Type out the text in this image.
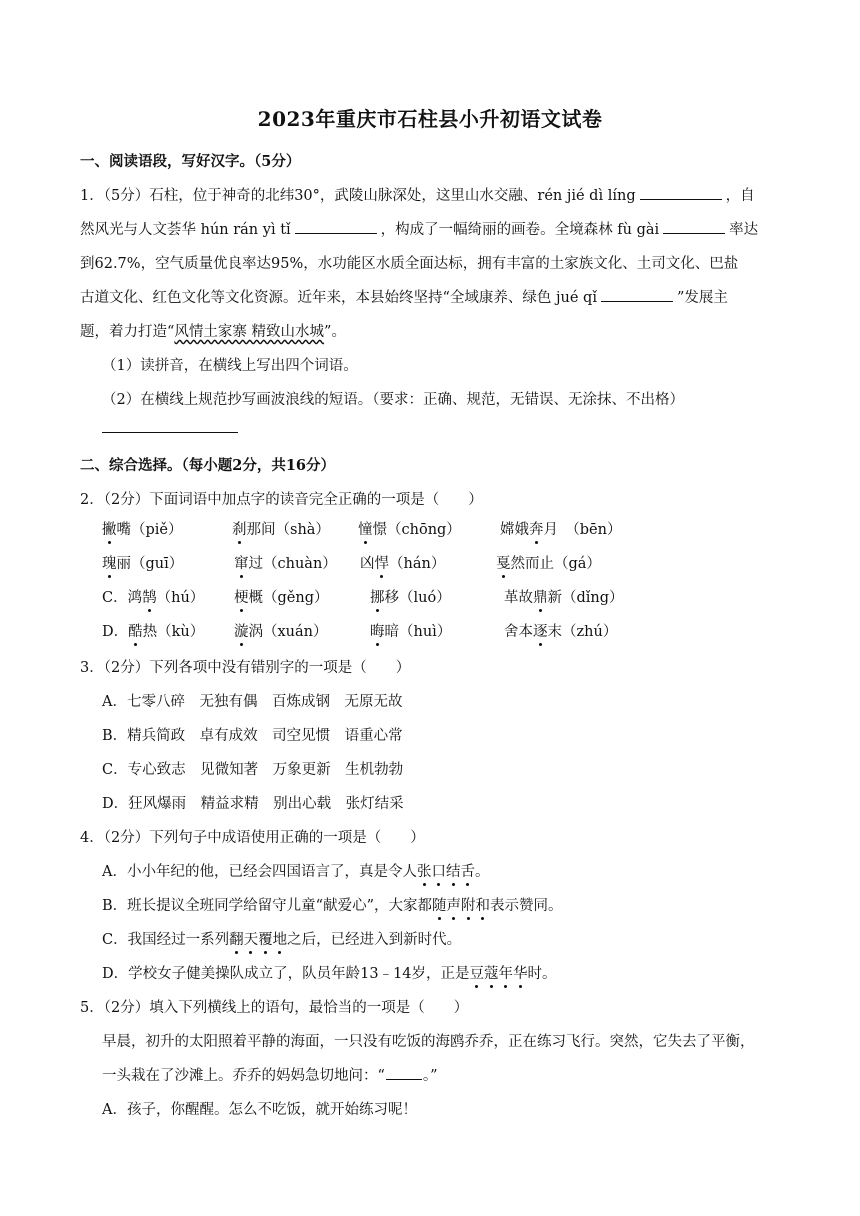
2023年重庆市石柱县小升初语文试卷
一、阅读语段，写好汉字。（5分）
1．（5分）石柱，位于神奇的北纬30°，武陵山脉深处，这里山水交融、rén jié dì líng	，自
然风光与人文荟华 hún rán yì tǐ	，构成了一幅绮丽的画卷。全境森林 fù gài	率达
到62.7%，空气质量优良率达95%，水功能区水质全面达标，拥有丰富的土家族文化、土司文化、巴盐
古道文化、红色文化等文化资源。近年来，本县始终坚持“全域康养、绿色 jué qǐ	”发展主
题，着力打造“风情土家寨 精致山水城”。
（1）读拼音，在横线上写出四个词语。
（2）在横线上规范抄写画波浪线的短语。（要求：正确、规范，无错误、无涂抹、不出格）
二、综合选择。（每小题2分，共16分）
2．（2分）下面词语中加点字的读音完全正确的一项是（　　）
撇嘴（piě）	刹那间（shà） 憧憬（chōng）	嫦娥奔月　（bēn）
瑰丽（guī）	窜过（chuàn） 凶悍（hán）	戛然而止（gá）
C．鸿鹄（hú） 梗概（gěng）	挪移（luó）	革故鼎新（dǐng）
D．酷热（kù） 漩涡（xuán）	晦暗（huì）	舍本逐末（zhú）
3．（2分）下列各项中没有错别字的一项是（　　）
A．七零八碎　无独有偶　百炼成钢　无原无故
B．精兵简政　卓有成效　司空见惯　语重心常
C．专心致志　见微知著　万象更新　生机勃勃
D．狂风爆雨　精益求精　别出心载　张灯结采
4．（2分）下列句子中成语使用正确的一项是（　　）
A．小小年纪的他，已经会四国语言了，真是令人张口结舌。
B．班长提议全班同学给留守儿童“献爱心”，大家都随声附和表示赞同。
C．我国经过一系列翻天覆地之后，已经进入到新时代。
D．学校女子健美操队成立了，队员年龄13﹣14岁，正是豆蔻年华时。
5．（2分）填入下列横线上的语句，最恰当的一项是（　　）
早晨，初升的太阳照着平静的海面，一只没有吃饭的海鸥乔乔，正在练习飞行。突然，它失去了平衡，
一头栽在了沙滩上。乔乔的妈妈急切地问：“	。”
A．孩子，你醒醒。怎么不吃饭，就开始练习呢！
